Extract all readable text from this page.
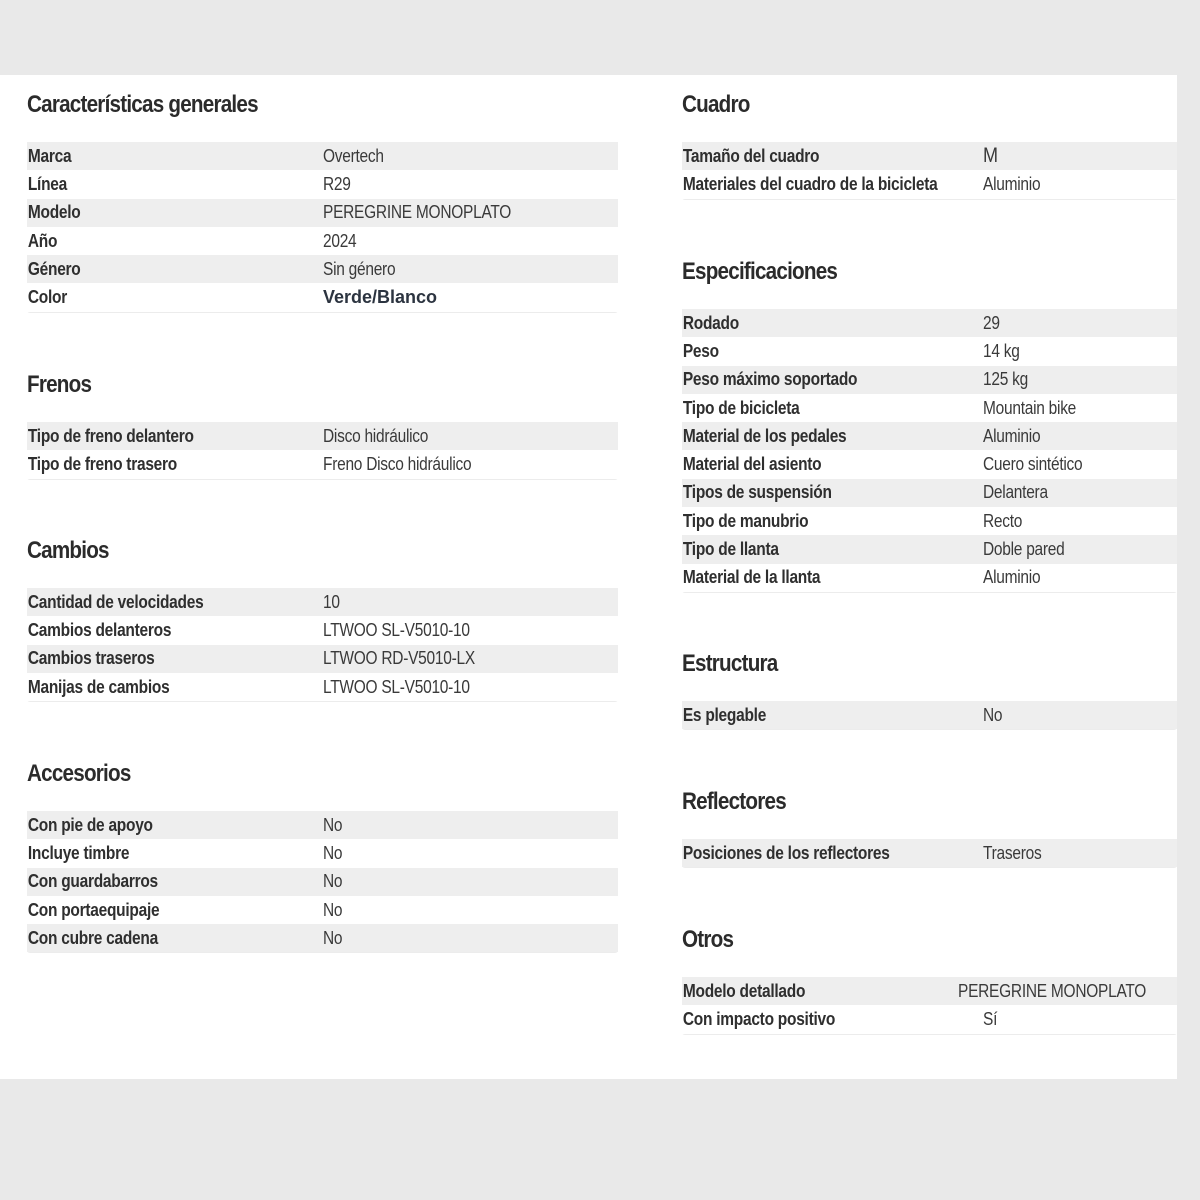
Características generales
Marca	Overtech
Línea	R29
Modelo	PEREGRINE MONOPLATO
Año	2024
Género	Sin género
Color	Verde/Blanco
Frenos
Tipo de freno delantero	Disco hidráulico
Tipo de freno trasero	Freno Disco hidráulico
Cambios
Cantidad de velocidades	10
Cambios delanteros	LTWOO SL-V5010-10
Cambios traseros	LTWOO RD-V5010-LX
Manijas de cambios	LTWOO SL-V5010-10
Accesorios
Con pie de apoyo	No
Incluye timbre	No
Con guardabarros	No
Con portaequipaje	No
Con cubre cadena	No
Cuadro
Tamaño del cuadro	M
Materiales del cuadro de la bicicleta	Aluminio
Especificaciones
Rodado	29
Peso	14 kg
Peso máximo soportado	125 kg
Tipo de bicicleta	Mountain bike
Material de los pedales	Aluminio
Material del asiento	Cuero sintético
Tipos de suspensión	Delantera
Tipo de manubrio	Recto
Tipo de llanta	Doble pared
Material de la llanta	Aluminio
Estructura
Es plegable	No
Reflectores
Posiciones de los reflectores	Traseros
Otros
Modelo detallado	PEREGRINE MONOPLATO
Con impacto positivo	Sí
